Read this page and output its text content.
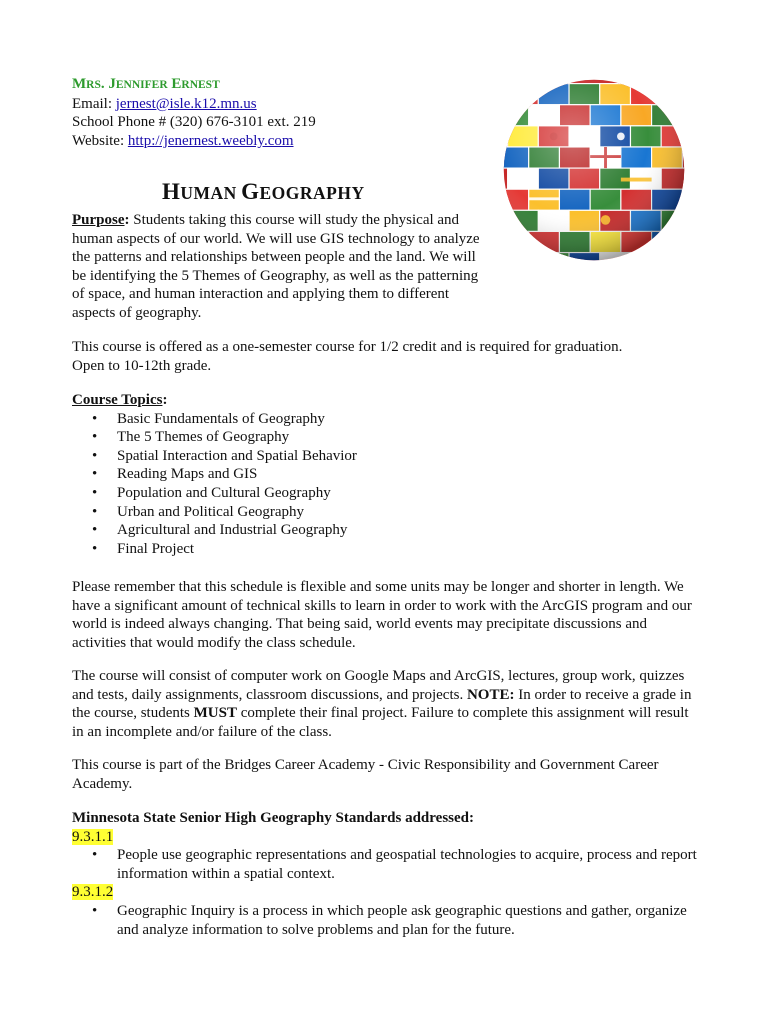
MRS. JENNIFER ERNEST
Email: jernest@isle.k12.mn.us
School Phone # (320) 676-3101 ext. 219
Website: http://jenernest.weebly.com
HUMAN GEOGRAPHY
Purpose: Students taking this course will study the physical and human aspects of our world. We will use GIS technology to analyze the patterns and relationships between people and the land. We will be identifying the 5 Themes of Geography, as well as the patterning of space, and human interaction and applying them to different aspects of geography.
This course is offered as a one-semester course for 1/2 credit and is required for graduation.
Open to 10-12th grade.
Course Topics:
• Basic Fundamentals of Geography
• The 5 Themes of Geography
• Spatial Interaction and Spatial Behavior
• Reading Maps and GIS
• Population and Cultural Geography
• Urban and Political Geography
• Agricultural and Industrial Geography
• Final Project

Please remember that this schedule is flexible and some units may be longer and shorter in length. We have a significant amount of technical skills to learn in order to work with the ArcGIS program and our world is indeed always changing. That being said, world events may precipitate discussions and activities that would modify the class schedule.

The course will consist of computer work on Google Maps and ArcGIS, lectures, group work, quizzes and tests, daily assignments, classroom discussions, and projects. NOTE: In order to receive a grade in the course, students MUST complete their final project. Failure to complete this assignment will result in an incomplete and/or failure of the class.

This course is part of the Bridges Career Academy - Civic Responsibility and Government Career Academy.

Minnesota State Senior High Geography Standards addressed:
9.3.1.1
• People use geographic representations and geospatial technologies to acquire, process and report information within a spatial context.
9.3.1.2
• Geographic Inquiry is a process in which people ask geographic questions and gather, organize and analyze information to solve problems and plan for the future.
